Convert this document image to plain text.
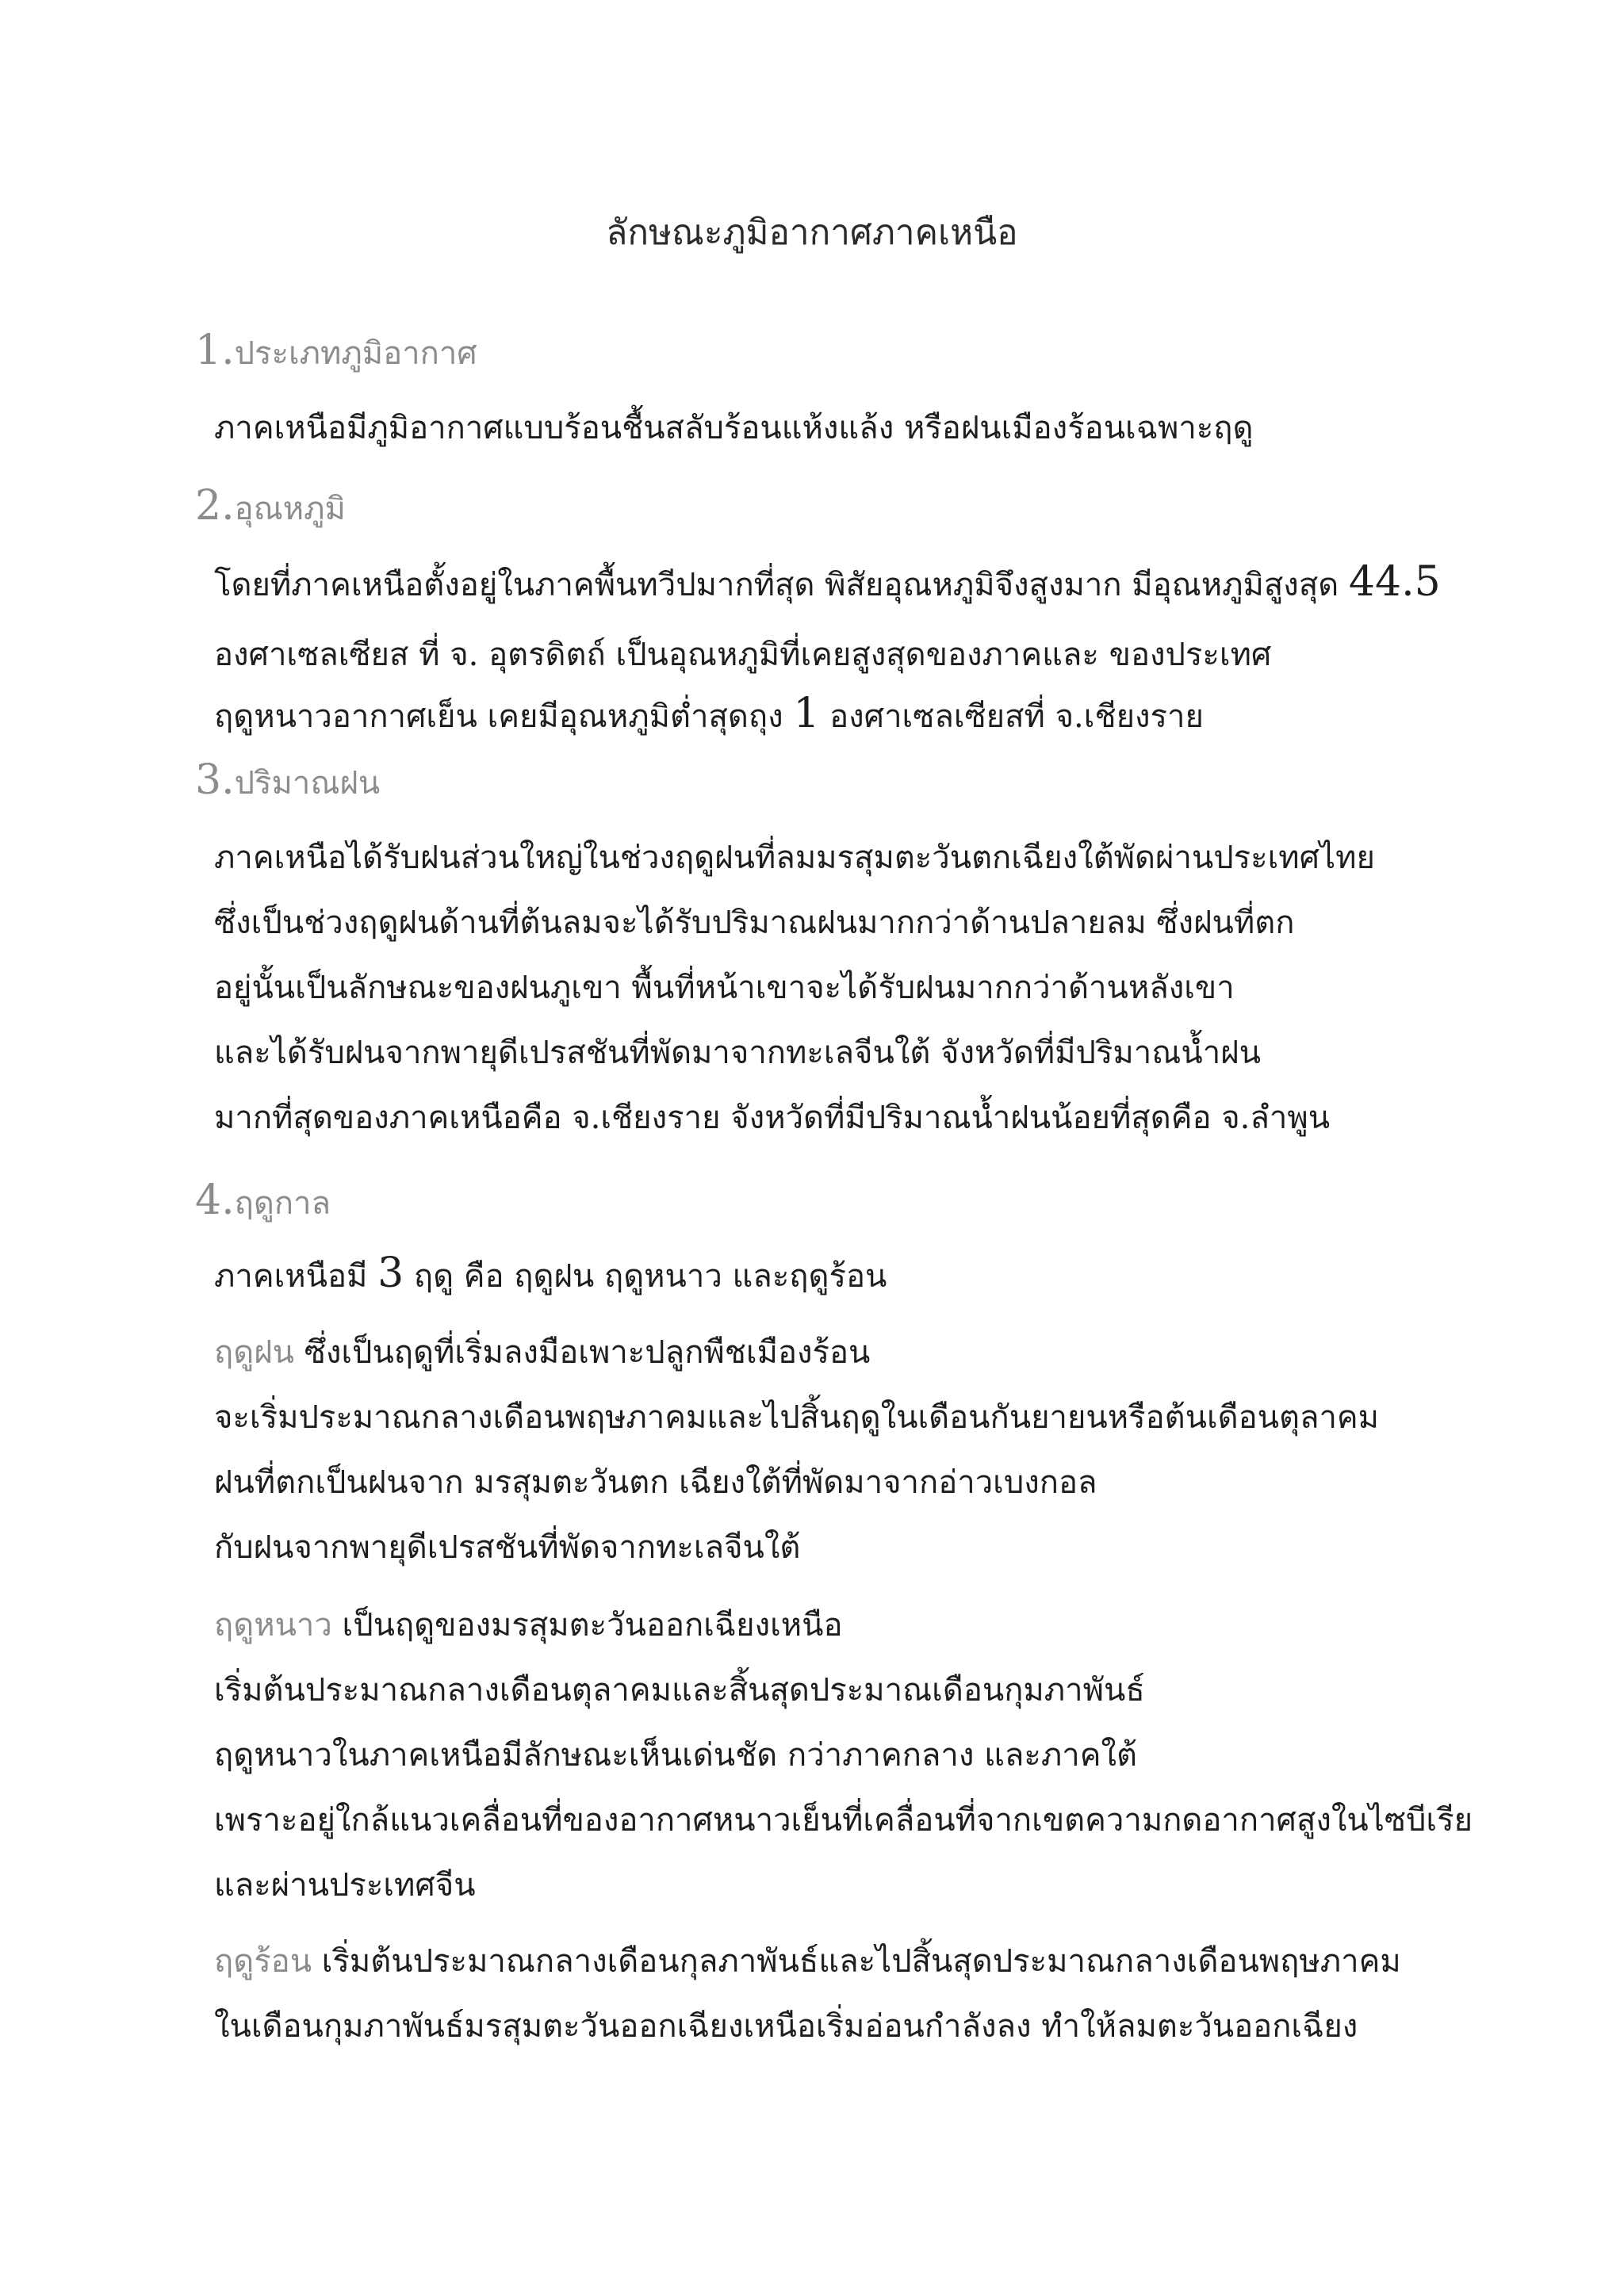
ลักษณะภูมิอากาศภาคเหนือ
1.ประเภทภูมิอากาศ
ภาคเหนือมีภูมิอากาศแบบร้อนชื้นสลับร้อนแห้งแล้ง หรือฝนเมืองร้อนเฉพาะฤดู
2.อุณหภูมิ
โดยที่ภาคเหนือตั้งอยู่ในภาคพื้นทวีปมากที่สุด พิสัยอุณหภูมิจึงสูงมาก มีอุณหภูมิสูงสุด 44.5
องศาเซลเซียส ที่ จ. อุตรดิตถ์ เป็นอุณหภูมิที่เคยสูงสุดของภาคและ ของประเทศ
ฤดูหนาวอากาศเย็น เคยมีอุณหภูมิต่ำสุดถุง 1 องศาเซลเซียสที่ จ.เชียงราย
3.ปริมาณฝน
ภาคเหนือได้รับฝนส่วนใหญ่ในช่วงฤดูฝนที่ลมมรสุมตะวันตกเฉียงใต้พัดผ่านประเทศไทย
ซึ่งเป็นช่วงฤดูฝนด้านที่ต้นลมจะได้รับปริมาณฝนมากกว่าด้านปลายลม ซึ่งฝนที่ตก
อยู่นั้นเป็นลักษณะของฝนภูเขา พื้นที่หน้าเขาจะได้รับฝนมากกว่าด้านหลังเขา
และได้รับฝนจากพายุดีเปรสชันที่พัดมาจากทะเลจีนใต้ จังหวัดที่มีปริมาณน้ำฝน
มากที่สุดของภาคเหนือคือ จ.เชียงราย จังหวัดที่มีปริมาณน้ำฝนน้อยที่สุดคือ จ.ลำพูน
4.ฤดูกาล
ภาคเหนือมี 3 ฤดู คือ ฤดูฝน ฤดูหนาว และฤดูร้อน
ฤดูฝน ซึ่งเป็นฤดูที่เริ่มลงมือเพาะปลูกพืชเมืองร้อน
จะเริ่มประมาณกลางเดือนพฤษภาคมและไปสิ้นฤดูในเดือนกันยายนหรือต้นเดือนตุลาคม
ฝนที่ตกเป็นฝนจาก มรสุมตะวันตก เฉียงใต้ที่พัดมาจากอ่าวเบงกอล
กับฝนจากพายุดีเปรสชันที่พัดจากทะเลจีนใต้
ฤดูหนาว เป็นฤดูของมรสุมตะวันออกเฉียงเหนือ
เริ่มต้นประมาณกลางเดือนตุลาคมและสิ้นสุดประมาณเดือนกุมภาพันธ์
ฤดูหนาวในภาคเหนือมีลักษณะเห็นเด่นชัด กว่าภาคกลาง และภาคใต้
เพราะอยู่ใกล้แนวเคลื่อนที่ของอากาศหนาวเย็นที่เคลื่อนที่จากเขตความกดอากาศสูงในไซบีเรีย
และผ่านประเทศจีน
ฤดูร้อน เริ่มต้นประมาณกลางเดือนกุลภาพันธ์และไปสิ้นสุดประมาณกลางเดือนพฤษภาคม
ในเดือนกุมภาพันธ์มรสุมตะวันออกเฉียงเหนือเริ่มอ่อนกำลังลง ทำให้ลมตะวันออกเฉียง
